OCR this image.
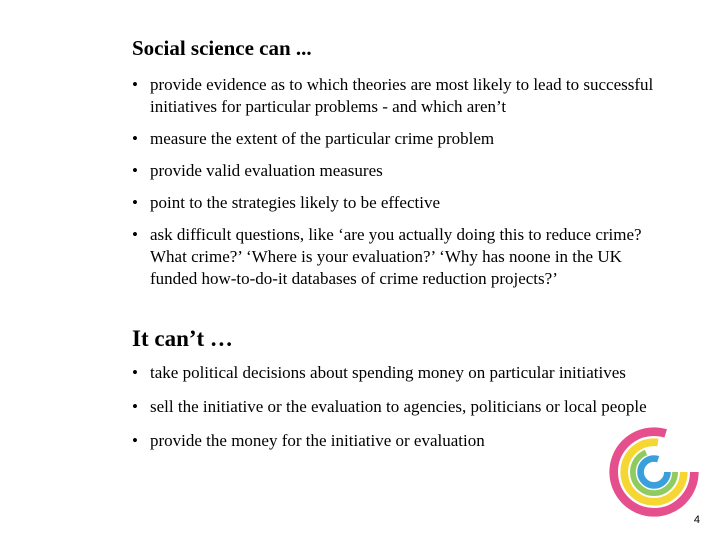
Social science can ...
• provide evidence as to which theories are most likely to lead to successful initiatives for particular problems - and which aren’t
• measure the extent of the particular crime problem
• provide valid evaluation measures
• point to the strategies likely to be effective
• ask difficult questions, like ‘are you actually doing this to reduce crime? What crime?’ ‘Where is your evaluation?’ ‘Why has noone in the UK funded how-to-do-it databases of crime reduction projects?’
It can’t …
• take political decisions about spending money on particular initiatives
• sell the initiative or the evaluation to agencies, politicians or local people
• provide the money for the initiative or evaluation
4
